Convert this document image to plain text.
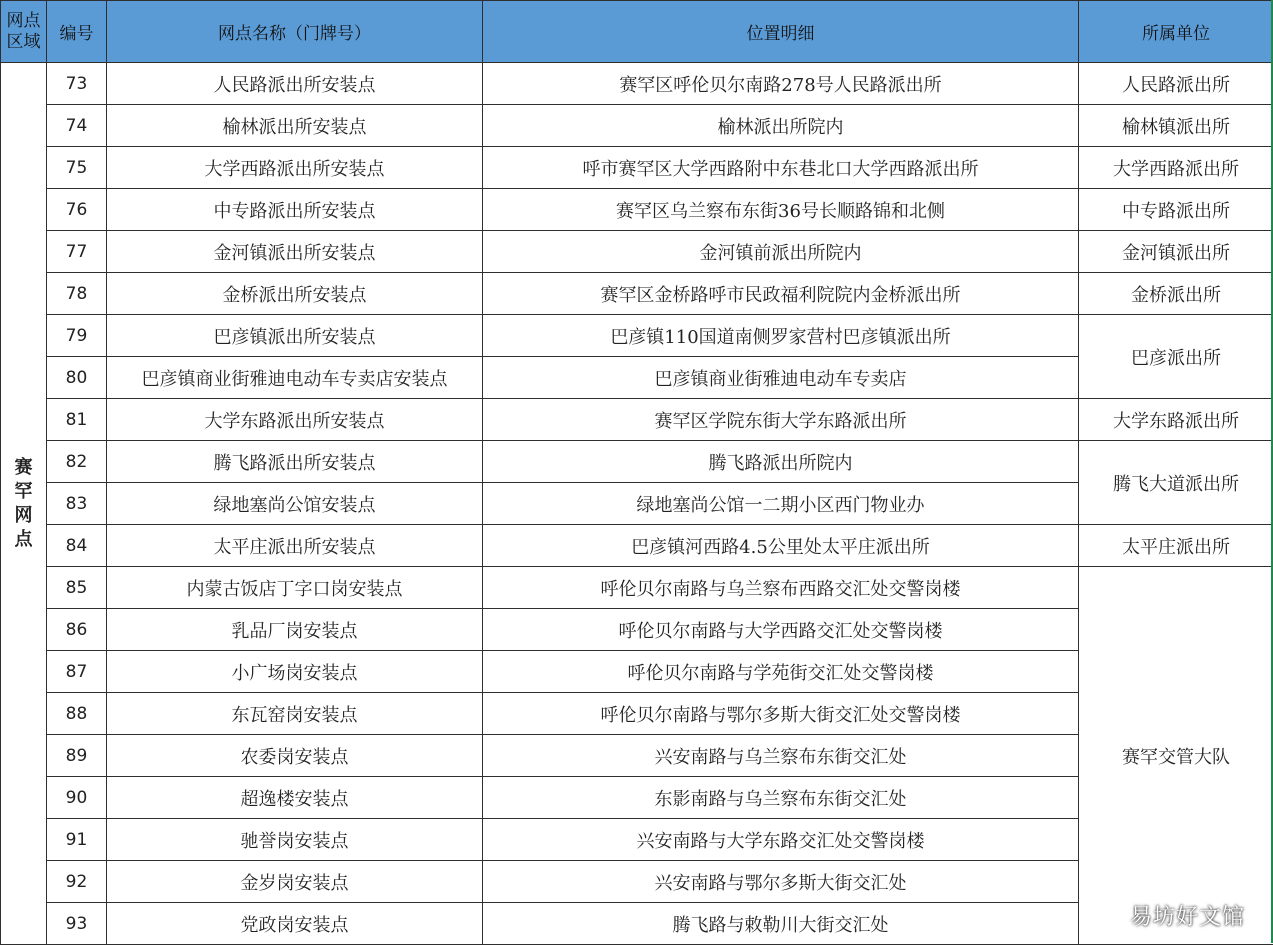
网点区域	编号	网点名称（门牌号）	位置明细	所属单位
赛罕网点	73	人民路派出所安装点	赛罕区呼伦贝尔南路278号人民路派出所	人民路派出所
	74	榆林派出所安装点	榆林派出所院内	榆林镇派出所
	75	大学西路派出所安装点	呼市赛罕区大学西路附中东巷北口大学西路派出所	大学西路派出所
	76	中专路派出所安装点	赛罕区乌兰察布东街36号长顺路锦和北侧	中专路派出所
	77	金河镇派出所安装点	金河镇前派出所院内	金河镇派出所
	78	金桥派出所安装点	赛罕区金桥路呼市民政福利院院内金桥派出所	金桥派出所
	79	巴彦镇派出所安装点	巴彦镇110国道南侧罗家营村巴彦镇派出所	巴彦派出所
	80	巴彦镇商业街雅迪电动车专卖店安装点	巴彦镇商业街雅迪电动车专卖店	
	81	大学东路派出所安装点	赛罕区学院东街大学东路派出所	大学东路派出所
	82	腾飞路派出所安装点	腾飞路派出所院内	腾飞大道派出所
	83	绿地塞尚公馆安装点	绿地塞尚公馆一二期小区西门物业办	
	84	太平庄派出所安装点	巴彦镇河西路4.5公里处太平庄派出所	太平庄派出所
	85	内蒙古饭店丁字口岗安装点	呼伦贝尔南路与乌兰察布西路交汇处交警岗楼	赛罕交管大队
	86	乳品厂岗安装点	呼伦贝尔南路与大学西路交汇处交警岗楼	
	87	小广场岗安装点	呼伦贝尔南路与学苑街交汇处交警岗楼	
	88	东瓦窑岗安装点	呼伦贝尔南路与鄂尔多斯大街交汇处交警岗楼	
	89	农委岗安装点	兴安南路与乌兰察布东街交汇处	
	90	超逸楼安装点	东影南路与乌兰察布东街交汇处	
	91	驰誉岗安装点	兴安南路与大学东路交汇处交警岗楼	
	92	金岁岗安装点	兴安南路与鄂尔多斯大街交汇处	
	93	党政岗安装点	腾飞路与敕勒川大街交汇处		易坊好文馆
